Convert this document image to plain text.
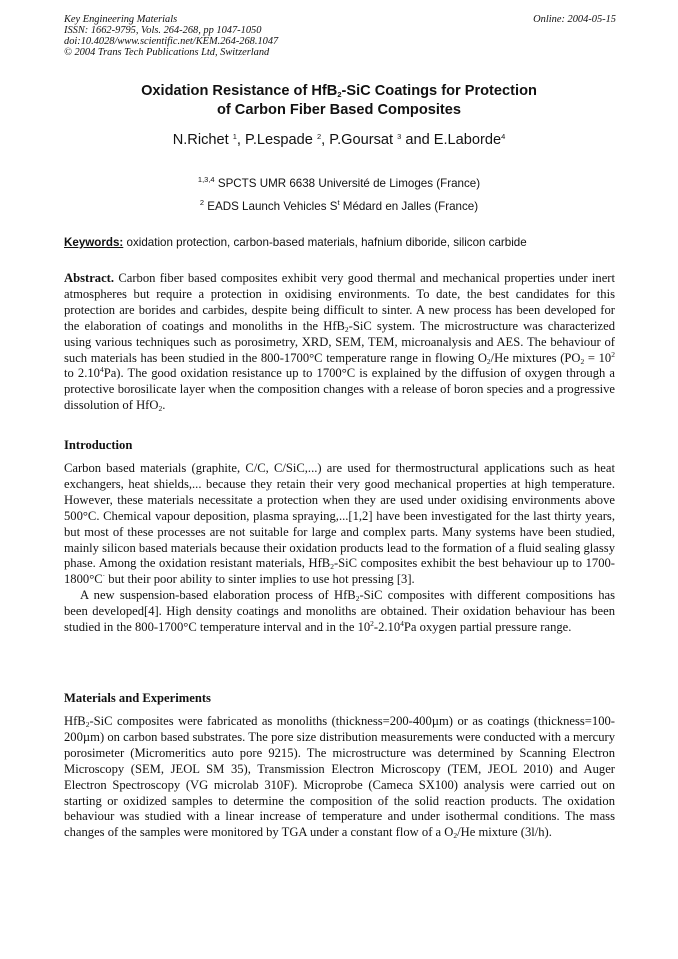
Key Engineering Materials
ISSN: 1662-9795, Vols. 264-268, pp 1047-1050
doi:10.4028/www.scientific.net/KEM.264-268.1047
© 2004 Trans Tech Publications Ltd, Switzerland
Online: 2004-05-15
Oxidation Resistance of HfB$_2$-SiC Coatings for Protection
of Carbon Fiber Based Composites
N.Richet $^1$, P.Lespade $^2$, P.Goursat $^3$ and E.Laborde$^4$
$^{1,3,4}$ SPCTS UMR 6638 Université de Limoges (France)
$^2$ EADS Launch Vehicles $S^t$ Médard en Jalles (France)
Keywords: oxidation protection, carbon-based materials, hafnium diboride, silicon carbide
Abstract. Carbon fiber based composites exhibit very good thermal and mechanical properties under inert atmospheres but require a protection in oxidising environments. To date, the best candidates for this protection are borides and carbides, despite being difficult to sinter. A new process has been developed for the elaboration of coatings and monoliths in the HfB$_2$-SiC system. The microstructure was characterized using various techniques such as porosimetry, XRD, SEM, TEM, microanalysis and AES. The behaviour of such materials has been studied in the 800-1700°C temperature range in flowing $O_2/He$ mixtures ($PO_2 = 10^2$ to 2.10$^4$Pa). The good oxidation resistance up to 1700°C is explained by the diffusion of oxygen through a protective borosilicate layer when the composition changes with a release of boron species and a progressive dissolution of HfO$_2$.
Introduction

Carbon based materials (graphite, C/C, C/SiC,...) are used for thermostructural applications such as heat exchangers, heat shields,... because they retain their very good mechanical properties at high temperature. However, these materials necessitate a protection when they are used under oxidising environments above 500°C. Chemical vapour deposition, plasma spraying,...[1,2] have been investigated for the last thirty years, but most of these processes are not suitable for large and complex parts. Many systems have been studied, mainly silicon based materials because their oxidation products lead to the formation of a fluid sealing glassy phase. Among the oxidation resistant materials, HfB$_2$-SiC composites exhibit the best behaviour up to 1700-1800°C· but their poor ability to sinter implies to use hot pressing [3].

A new suspension-based elaboration process of HfB$_2$-SiC composites with different compositions has been developed[4]. High density coatings and monoliths are obtained. Their oxidation behaviour has been studied in the 800-1700°C temperature interval and in the $10^2-2.10^4Pa$ oxygen partial pressure range.

Materials and Experiments

HfB$_2$-SiC composites were fabricated as monoliths (thickness=200-400µm) or as coatings (thickness=100-200µm) on carbon based substrates. The pore size distribution measurements were conducted with a mercury porosimeter (Micromeritics auto pore 9215). The microstructure was determined by Scanning Electron Microscopy (SEM, JEOL SM 35), Transmission Electron Microscopy (TEM, JEOL 2010) and Auger Electron Spectroscopy (VG microlab 310F). Microprobe (Cameca SX100) analysis were carried out on starting or oxidized samples to determine the composition of the solid reaction products. The oxidation behaviour was studied with a linear increase of temperature and under isothermal conditions. The mass changes of the samples were monitored by TGA under a constant flow of a $O_2/He$ mixture (3l/h).
